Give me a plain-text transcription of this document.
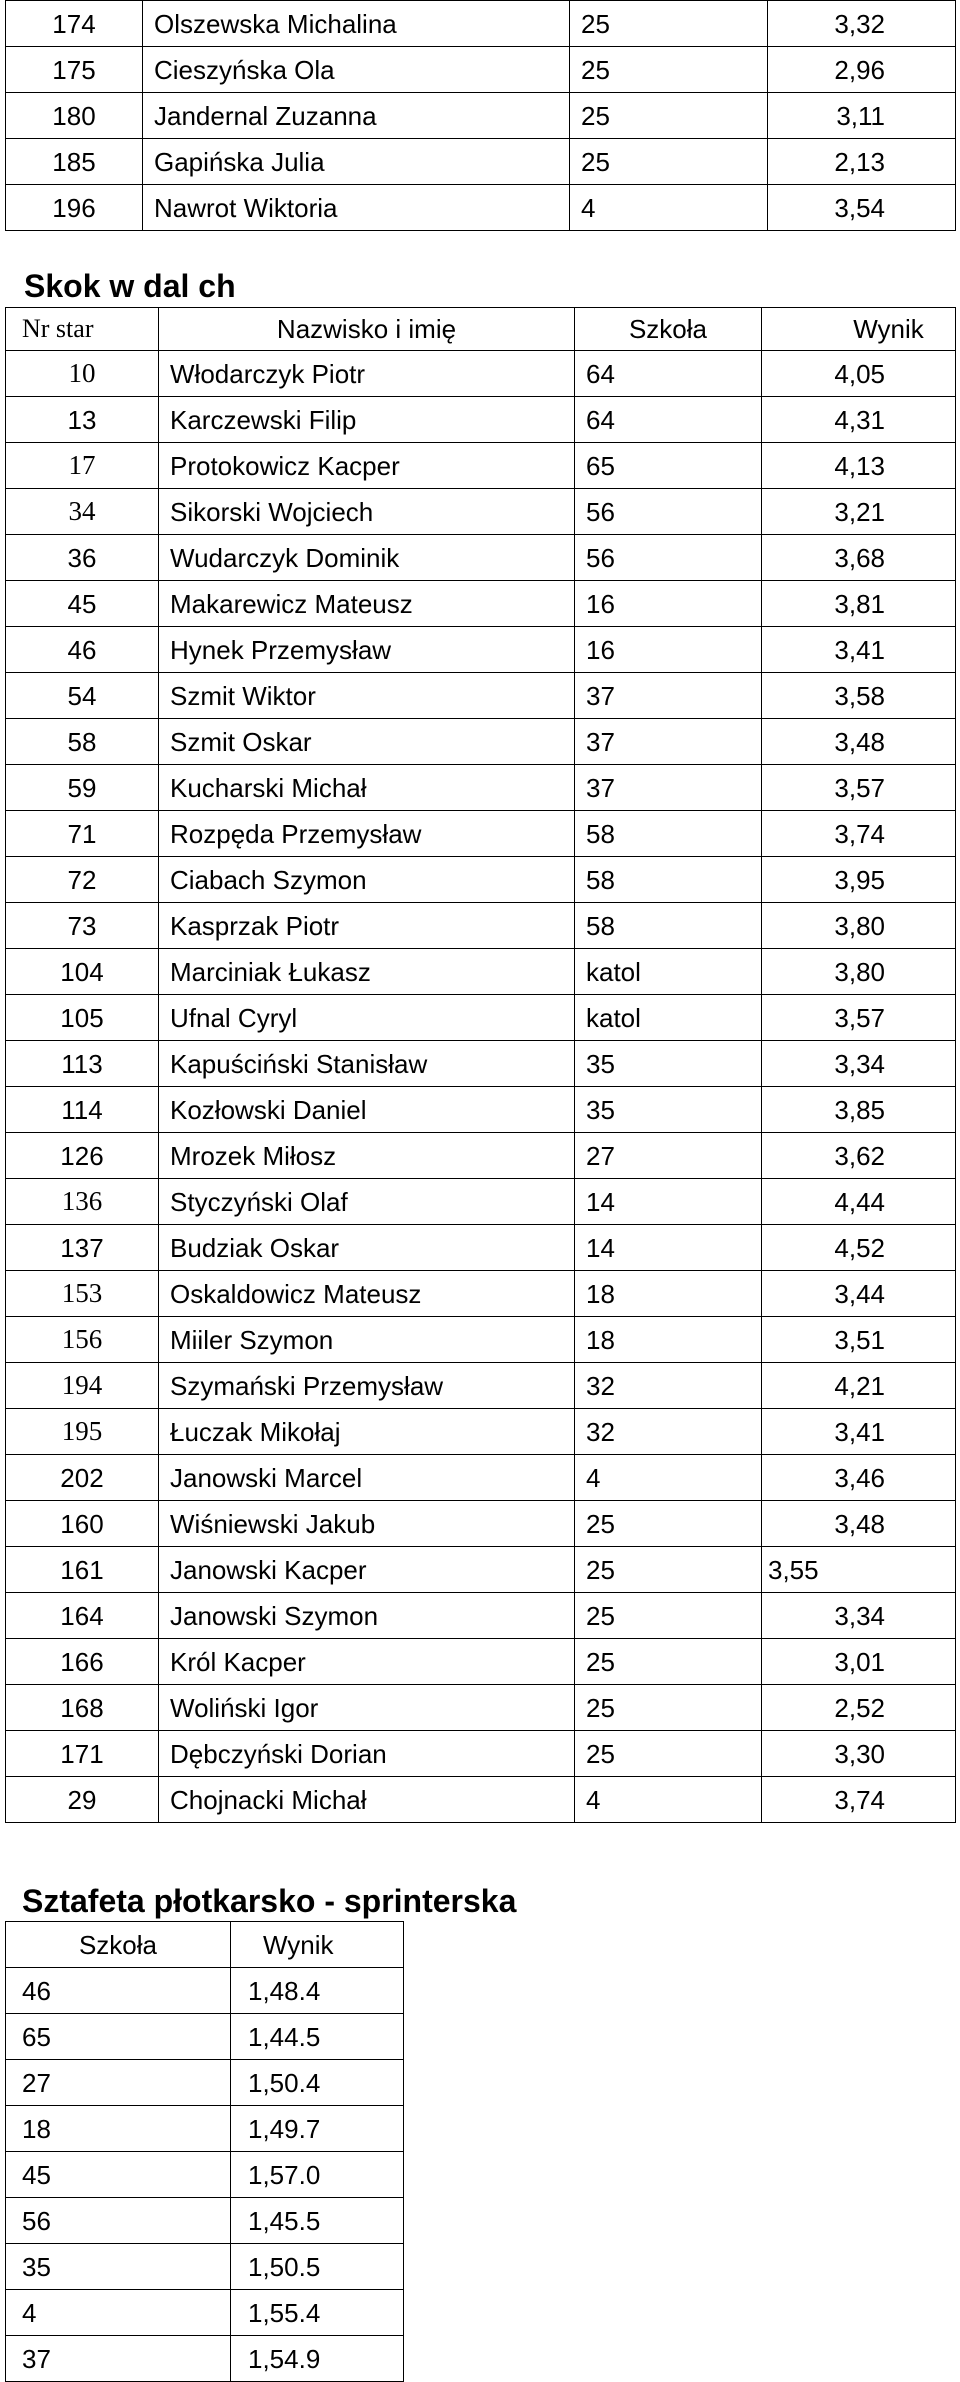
174	Olszewska Michalina	25	3,32
175	Cieszyńska Ola	25	2,96
180	Jandernal Zuzanna	25	3,11
185	Gapińska Julia	25	2,13
196	Nawrot Wiktoria	4	3,54
Skok w dal ch
Nr star	Nazwisko i imię	Szkoła	Wynik
10	Włodarczyk Piotr	64	4,05
13	Karczewski Filip	64	4,31
17	Protokowicz Kacper	65	4,13
34	Sikorski Wojciech	56	3,21
36	Wudarczyk Dominik	56	3,68
45	Makarewicz Mateusz	16	3,81
46	Hynek Przemysław	16	3,41
54	Szmit Wiktor	37	3,58
58	Szmit Oskar	37	3,48
59	Kucharski Michał	37	3,57
71	Rozpęda Przemysław	58	3,74
72	Ciabach Szymon	58	3,95
73	Kasprzak Piotr	58	3,80
104	Marciniak Łukasz	katol	3,80
105	Ufnal Cyryl	katol	3,57
113	Kapuściński Stanisław	35	3,34
114	Kozłowski Daniel	35	3,85
126	Mrozek Miłosz	27	3,62
136	Styczyński Olaf	14	4,44
137	Budziak Oskar	14	4,52
153	Oskaldowicz Mateusz	18	3,44
156	Miiler Szymon	18	3,51
194	Szymański Przemysław	32	4,21
195	Łuczak Mikołaj	32	3,41
202	Janowski Marcel	4	3,46
160	Wiśniewski Jakub	25	3,48
161	Janowski Kacper	25	3,55
164	Janowski Szymon	25	3,34
166	Król Kacper	25	3,01
168	Woliński Igor	25	2,52
171	Dębczyński Dorian	25	3,30
29	Chojnacki Michał	4	3,74
Sztafeta płotkarsko - sprinterska
Szkoła	Wynik
46	1,48.4
65	1,44.5
27	1,50.4
18	1,49.7
45	1,57.0
56	1,45.5
35	1,50.5
4	1,55.4
37	1,54.9
